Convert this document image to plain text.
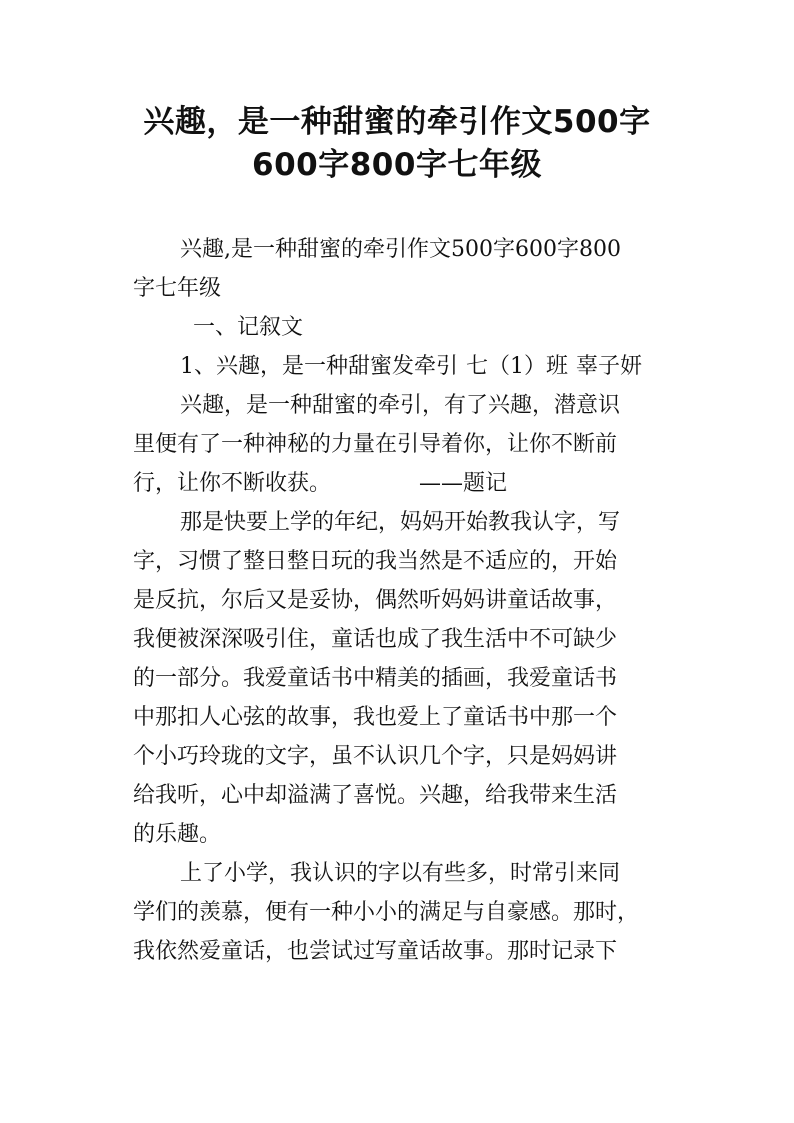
兴趣，是一种甜蜜的牵引作文500字
600字800字七年级
兴趣,是一种甜蜜的牵引作文500字600字800
字七年级
一、记叙文
1、兴趣，是一种甜蜜发牵引 七（1）班 辜子妍
兴趣，是一种甜蜜的牵引，有了兴趣，潜意识
里便有了一种神秘的力量在引导着你，让你不断前
行，让你不断收获。	——题记
那是快要上学的年纪，妈妈开始教我认字，写
字，习惯了整日整日玩的我当然是不适应的，开始
是反抗，尔后又是妥协，偶然听妈妈讲童话故事，
我便被深深吸引住，童话也成了我生活中不可缺少
的一部分。我爱童话书中精美的插画，我爱童话书
中那扣人心弦的故事，我也爱上了童话书中那一个
个小巧玲珑的文字，虽不认识几个字，只是妈妈讲
给我听，心中却溢满了喜悦。兴趣，给我带来生活
的乐趣。
上了小学，我认识的字以有些多，时常引来同
学们的羡慕，便有一种小小的满足与自豪感。那时，
我依然爱童话，也尝试过写童话故事。那时记录下
